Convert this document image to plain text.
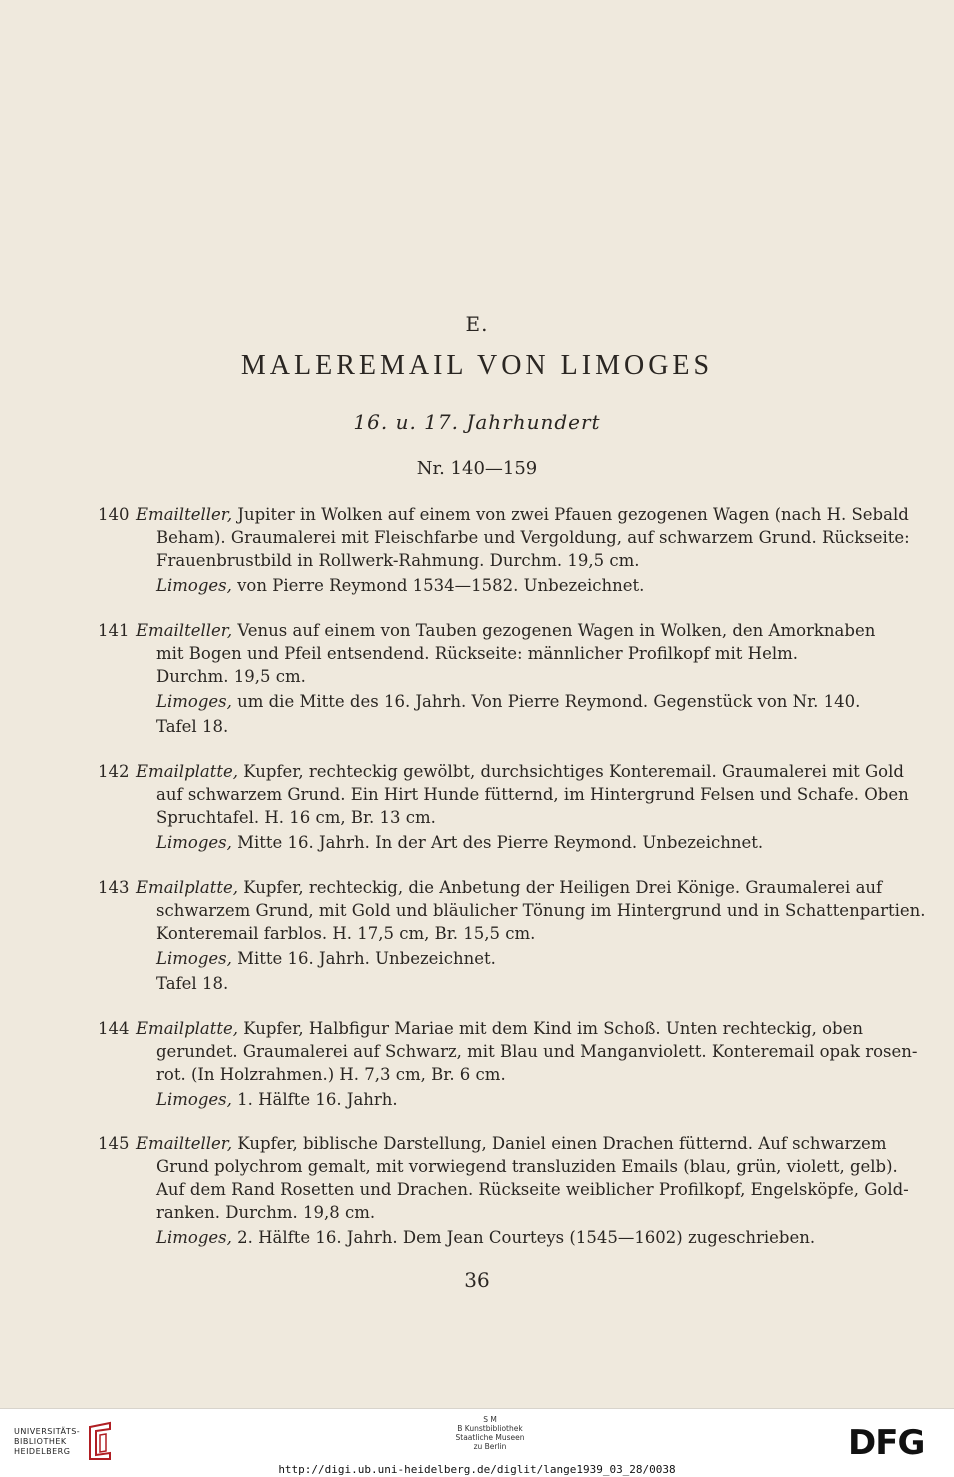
E.
MALEREMAIL VON LIMOGES
16. u. 17. Jahrhundert
Nr. 140—159
140 Emailteller, Jupiter in Wolken auf einem von zwei Pfauen gezogenen Wagen (nach H. Sebald
Beham). Graumalerei mit Fleischfarbe und Vergoldung, auf schwarzem Grund. Rückseite:
Frauenbrustbild in Rollwerk-Rahmung. Durchm. 19,5 cm.
Limoges, von Pierre Reymond 1534—1582. Unbezeichnet.
141 Emailteller, Venus auf einem von Tauben gezogenen Wagen in Wolken, den Amorknaben
mit Bogen und Pfeil entsendend. Rückseite: männlicher Profilkopf mit Helm.
Durchm. 19,5 cm.
Limoges, um die Mitte des 16. Jahrh. Von Pierre Reymond. Gegenstück von Nr. 140.
Tafel 18.
142 Emailplatte, Kupfer, rechteckig gewölbt, durchsichtiges Konteremail. Graumalerei mit Gold
auf schwarzem Grund. Ein Hirt Hunde fütternd, im Hintergrund Felsen und Schafe. Oben
Spruchtafel. H. 16 cm, Br. 13 cm.
Limoges, Mitte 16. Jahrh. In der Art des Pierre Reymond. Unbezeichnet.
143 Emailplatte, Kupfer, rechteckig, die Anbetung der Heiligen Drei Könige. Graumalerei auf
schwarzem Grund, mit Gold und bläulicher Tönung im Hintergrund und in Schattenpartien.
Konteremail farblos. H. 17,5 cm, Br. 15,5 cm.
Limoges, Mitte 16. Jahrh. Unbezeichnet.
Tafel 18.
144 Emailplatte, Kupfer, Halbfigur Mariae mit dem Kind im Schoß. Unten rechteckig, oben
gerundet. Graumalerei auf Schwarz, mit Blau und Manganviolett. Konteremail opak rosen-
rot. (In Holzrahmen.) H. 7,3 cm, Br. 6 cm.
Limoges, 1. Hälfte 16. Jahrh.
145 Emailteller, Kupfer, biblische Darstellung, Daniel einen Drachen fütternd. Auf schwarzem
Grund polychrom gemalt, mit vorwiegend transluziden Emails (blau, grün, violett, gelb).
Auf dem Rand Rosetten und Drachen. Rückseite weiblicher Profilkopf, Engelsköpfe, Gold-
ranken. Durchm. 19,8 cm.
Limoges, 2. Hälfte 16. Jahrh. Dem Jean Courteys (1545—1602) zugeschrieben.
36
UNIVERSITÄTS-
BIBLIOTHEK
HEIDELBERG
S M
B Kunstbibliothek
Staatliche Museen
zu Berlin	DFG
http://digi.ub.uni-heidelberg.de/diglit/lange1939_03_28/0038
